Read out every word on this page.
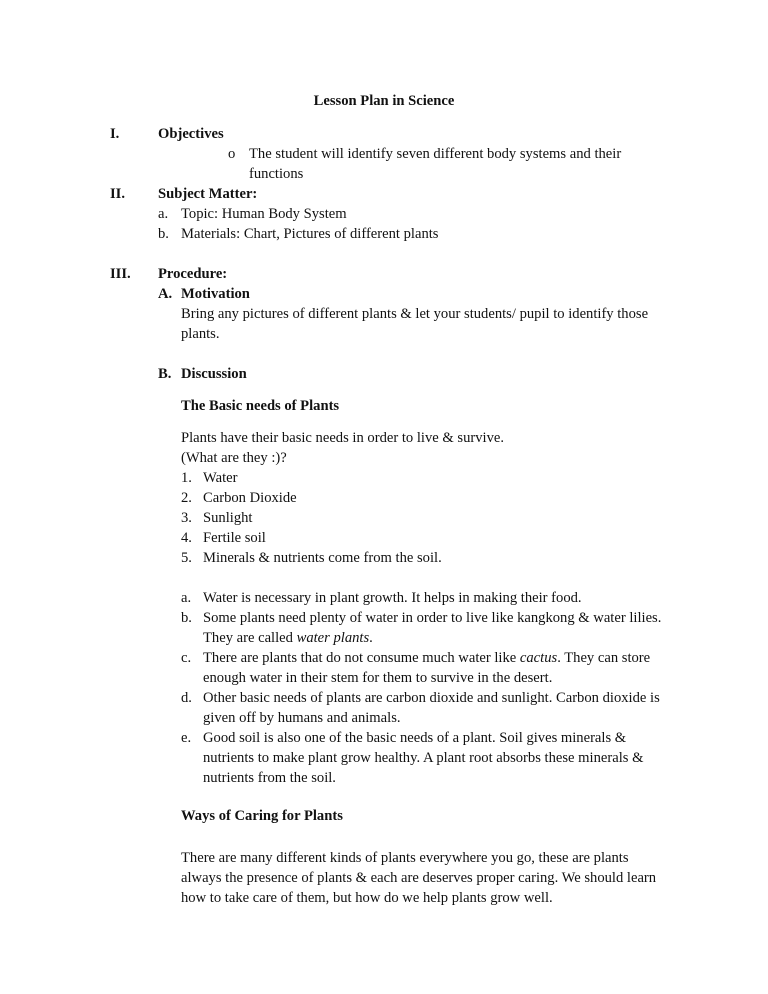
Lesson Plan in Science
I.	Objectives
o The student will identify seven different body systems and their
functions
II. Subject Matter:
a. Topic: Human Body System
b. Materials: Chart, Pictures of different plants
III. Procedure:
A. Motivation
Bring any pictures of different plants & let your students/ pupil to identify those
plants.
B. Discussion
The Basic needs of Plants
Plants have their basic needs in order to live & survive.
(What are they :)?
1. Water
2. Carbon Dioxide
3. Sunlight
4. Fertile soil
5. Minerals & nutrients come from the soil.
a. Water is necessary in plant growth. It helps in making their food.
b. Some plants need plenty of water in order to live like kangkong & water lilies.
They are called water plants.
c. There are plants that do not consume much water like cactus. They can store
enough water in their stem for them to survive in the desert.
d. Other basic needs of plants are carbon dioxide and sunlight. Carbon dioxide is
given off by humans and animals.
e. Good soil is also one of the basic needs of a plant. Soil gives minerals &
nutrients to make plant grow healthy. A plant root absorbs these minerals &
nutrients from the soil.
Ways of Caring for Plants
There are many different kinds of plants everywhere you go, these are plants
always the presence of plants & each are deserves proper caring. We should learn
how to take care of them, but how do we help plants grow well.
